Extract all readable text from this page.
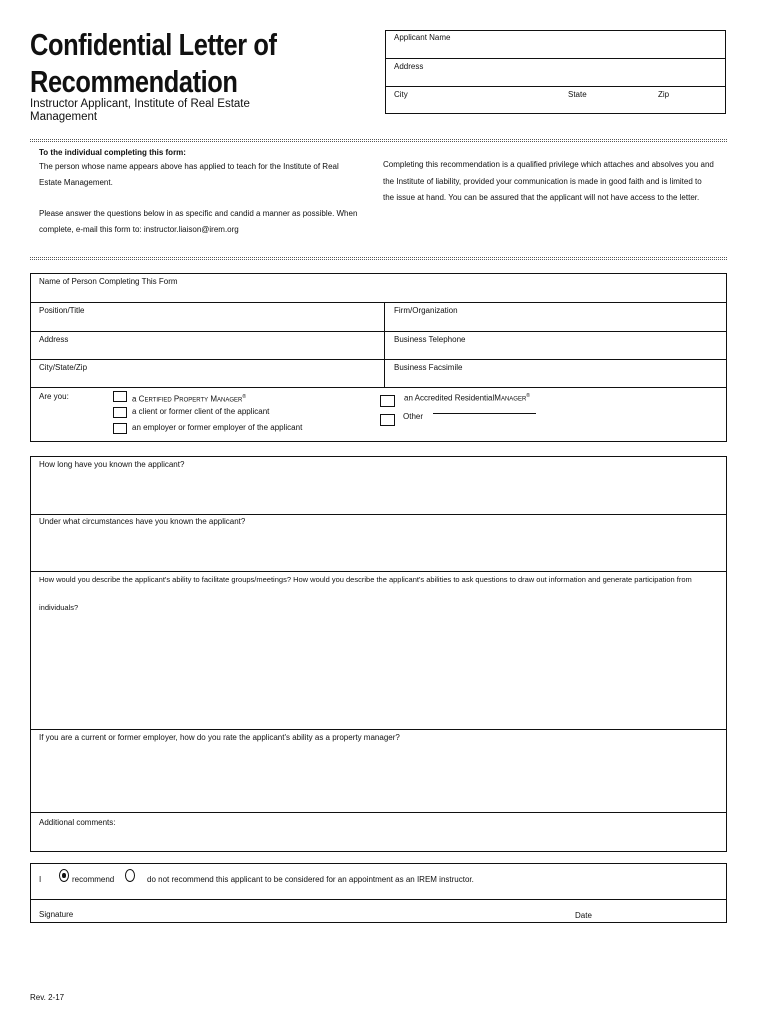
Confidential Letter of
Recommendation
Instructor Applicant, Institute of Real Estate Management
Applicant Name
Address
City	State	Zip
To the individual completing this form:
The person whose name appears above has applied to teach for the Institute of Real
Estate Management.
Completing this recommendation is a qualified privilege which attaches and absolves you and
the Institute of liability, provided your communication is made in good faith and is limited to
the issue at hand. You can be assured that the applicant will not have access to the letter.
Please answer the questions below in as specific and candid a manner as possible. When
complete, e-mail this form to: instructor.liaison@irem.org
Name of Person Completing This Form
Position/Title	Firm/Organization
Address	Business Telephone
City/State/Zip	Business Facsimile
Are you:	a Certified Property Manager®
a client or former client of the applicant
an employer or former employer of the applicant
an Accredited ResidentialManager®
Other
How long have you known the applicant?
Under what circumstances have you known the applicant?
How would you describe the applicant's ability to facilitate groups/meetings? How would you describe the applicant's abilities to ask questions to draw out information and generate participation from
individuals?
If you are a current or former employer, how do you rate the applicant's ability as a property manager?
Additional comments:
I	recommend	do not recommend this applicant to be considered for an appointment as an IREM instructor.
Signature	Date
Rev. 2-17
